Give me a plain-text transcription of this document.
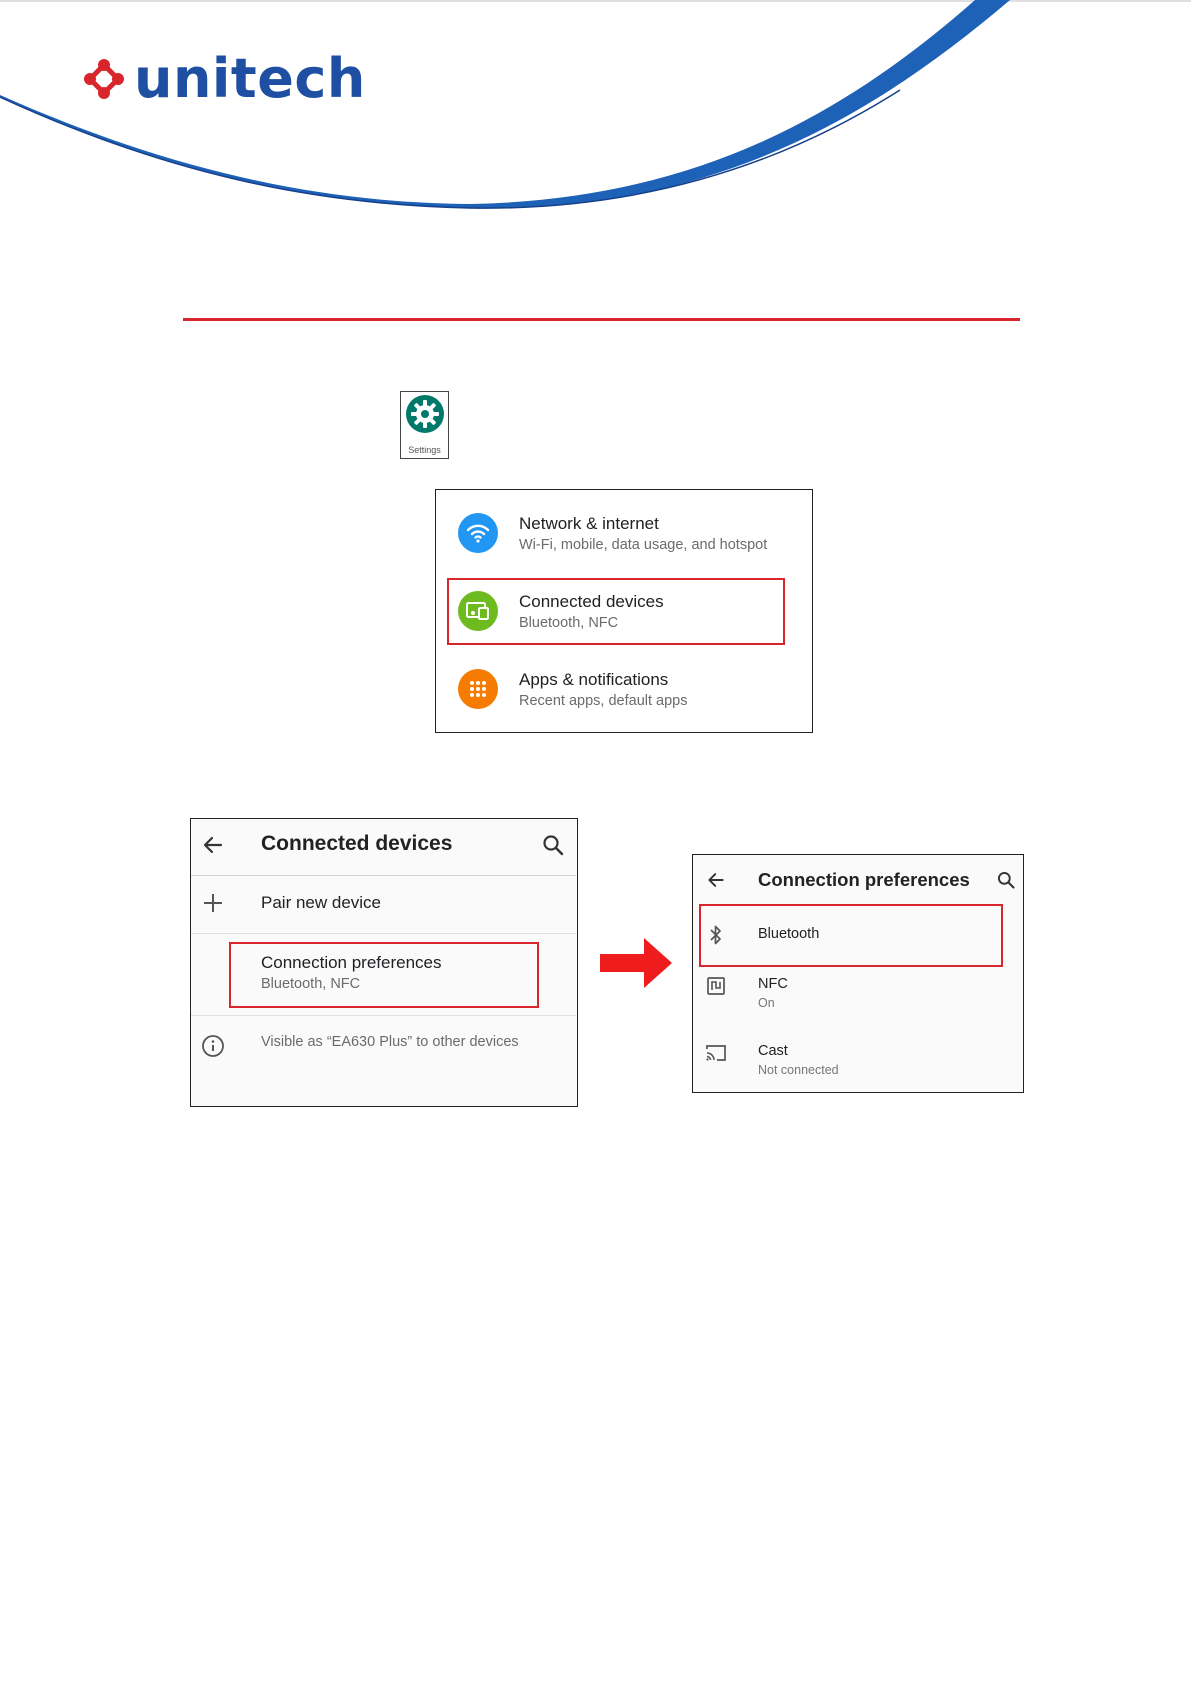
unitech
Settings
Network & internet
Wi-Fi, mobile, data usage, and hotspot
Connected devices
Bluetooth, NFC
Apps & notifications
Recent apps, default apps
Connected devices
Pair new device
Connection preferences
Bluetooth, NFC
Visible as “EA630 Plus” to other devices
Connection preferences
Bluetooth
NFC
On
Cast
Not connected
